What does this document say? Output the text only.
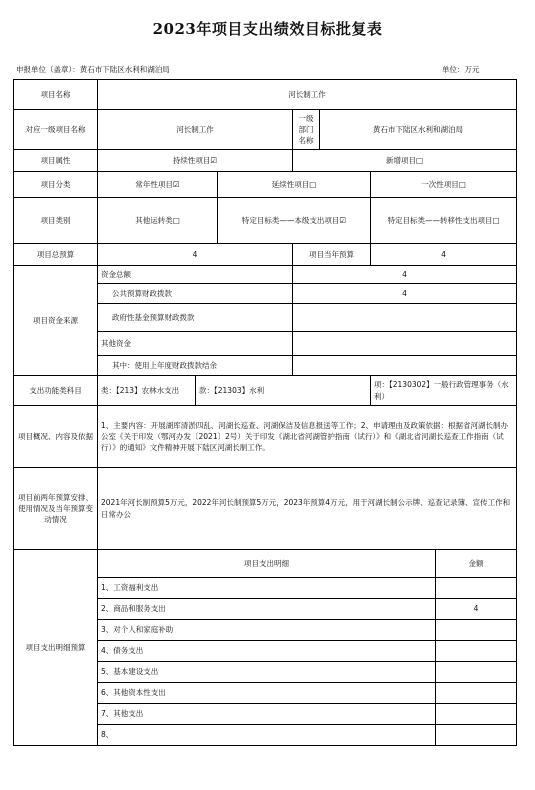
2023年项目支出绩效目标批复表
申报单位（盖章）：黄石市下陆区水利和湖泊局	单位：万元
项目名称	河长制工作						
对应一级项目名称	河长制工作			一级部门名称	黄石市下陆区水利和湖泊局		
项目属性	持续性项目☑			新增项目□			
项目分类	常年性项目☑		延续性项目□			一次性项目□	
项目类别	其他运转类□		特定目标类——本级支出项目☑			特定目标类——转移性支出项目□	
项目总预算	4			项目当年预算		4	
项目资金来源	资金总额			4			
	公共预算财政拨款			4			
	政府性基金预算财政拨款						
	其他资金						
	其中：使用上年度财政拨款结余						
支出功能类科目	类：【213】农林水支出	款：【21303】水利				项：【2130302】一般行政管理事务（水利）	
项目概况、内容及依据	1、主要内容：开展湖库清淤四乱、河湖长巡查、河湖保洁及信息报送等工作；2、申请理由及政策依据：根据省河湖长制办公室《关于印发（鄂河办发〔2021〕2号）关于印发《湖北省河湖管护指南（试行）》和《湖北省河湖长巡查工作指南（试行）》的通知》文件精神开展下陆区河湖长制工作。						
项目前两年预算安排、使用情况及当年预算变动情况	2021年河长制预算5万元，2022年河长制预算5万元，2023年预算4万元，用于河湖长制公示牌、巡查记录簿、宣传工作和日常办公						
项目支出明细预算	项目支出明细						金额
	1、工资福利支出						
	2、商品和服务支出						4
	3、对个人和家庭补助						
	4、债务支出						
	5、基本建设支出						
	6、其他资本性支出						
	7、其他支出						
	8、						
